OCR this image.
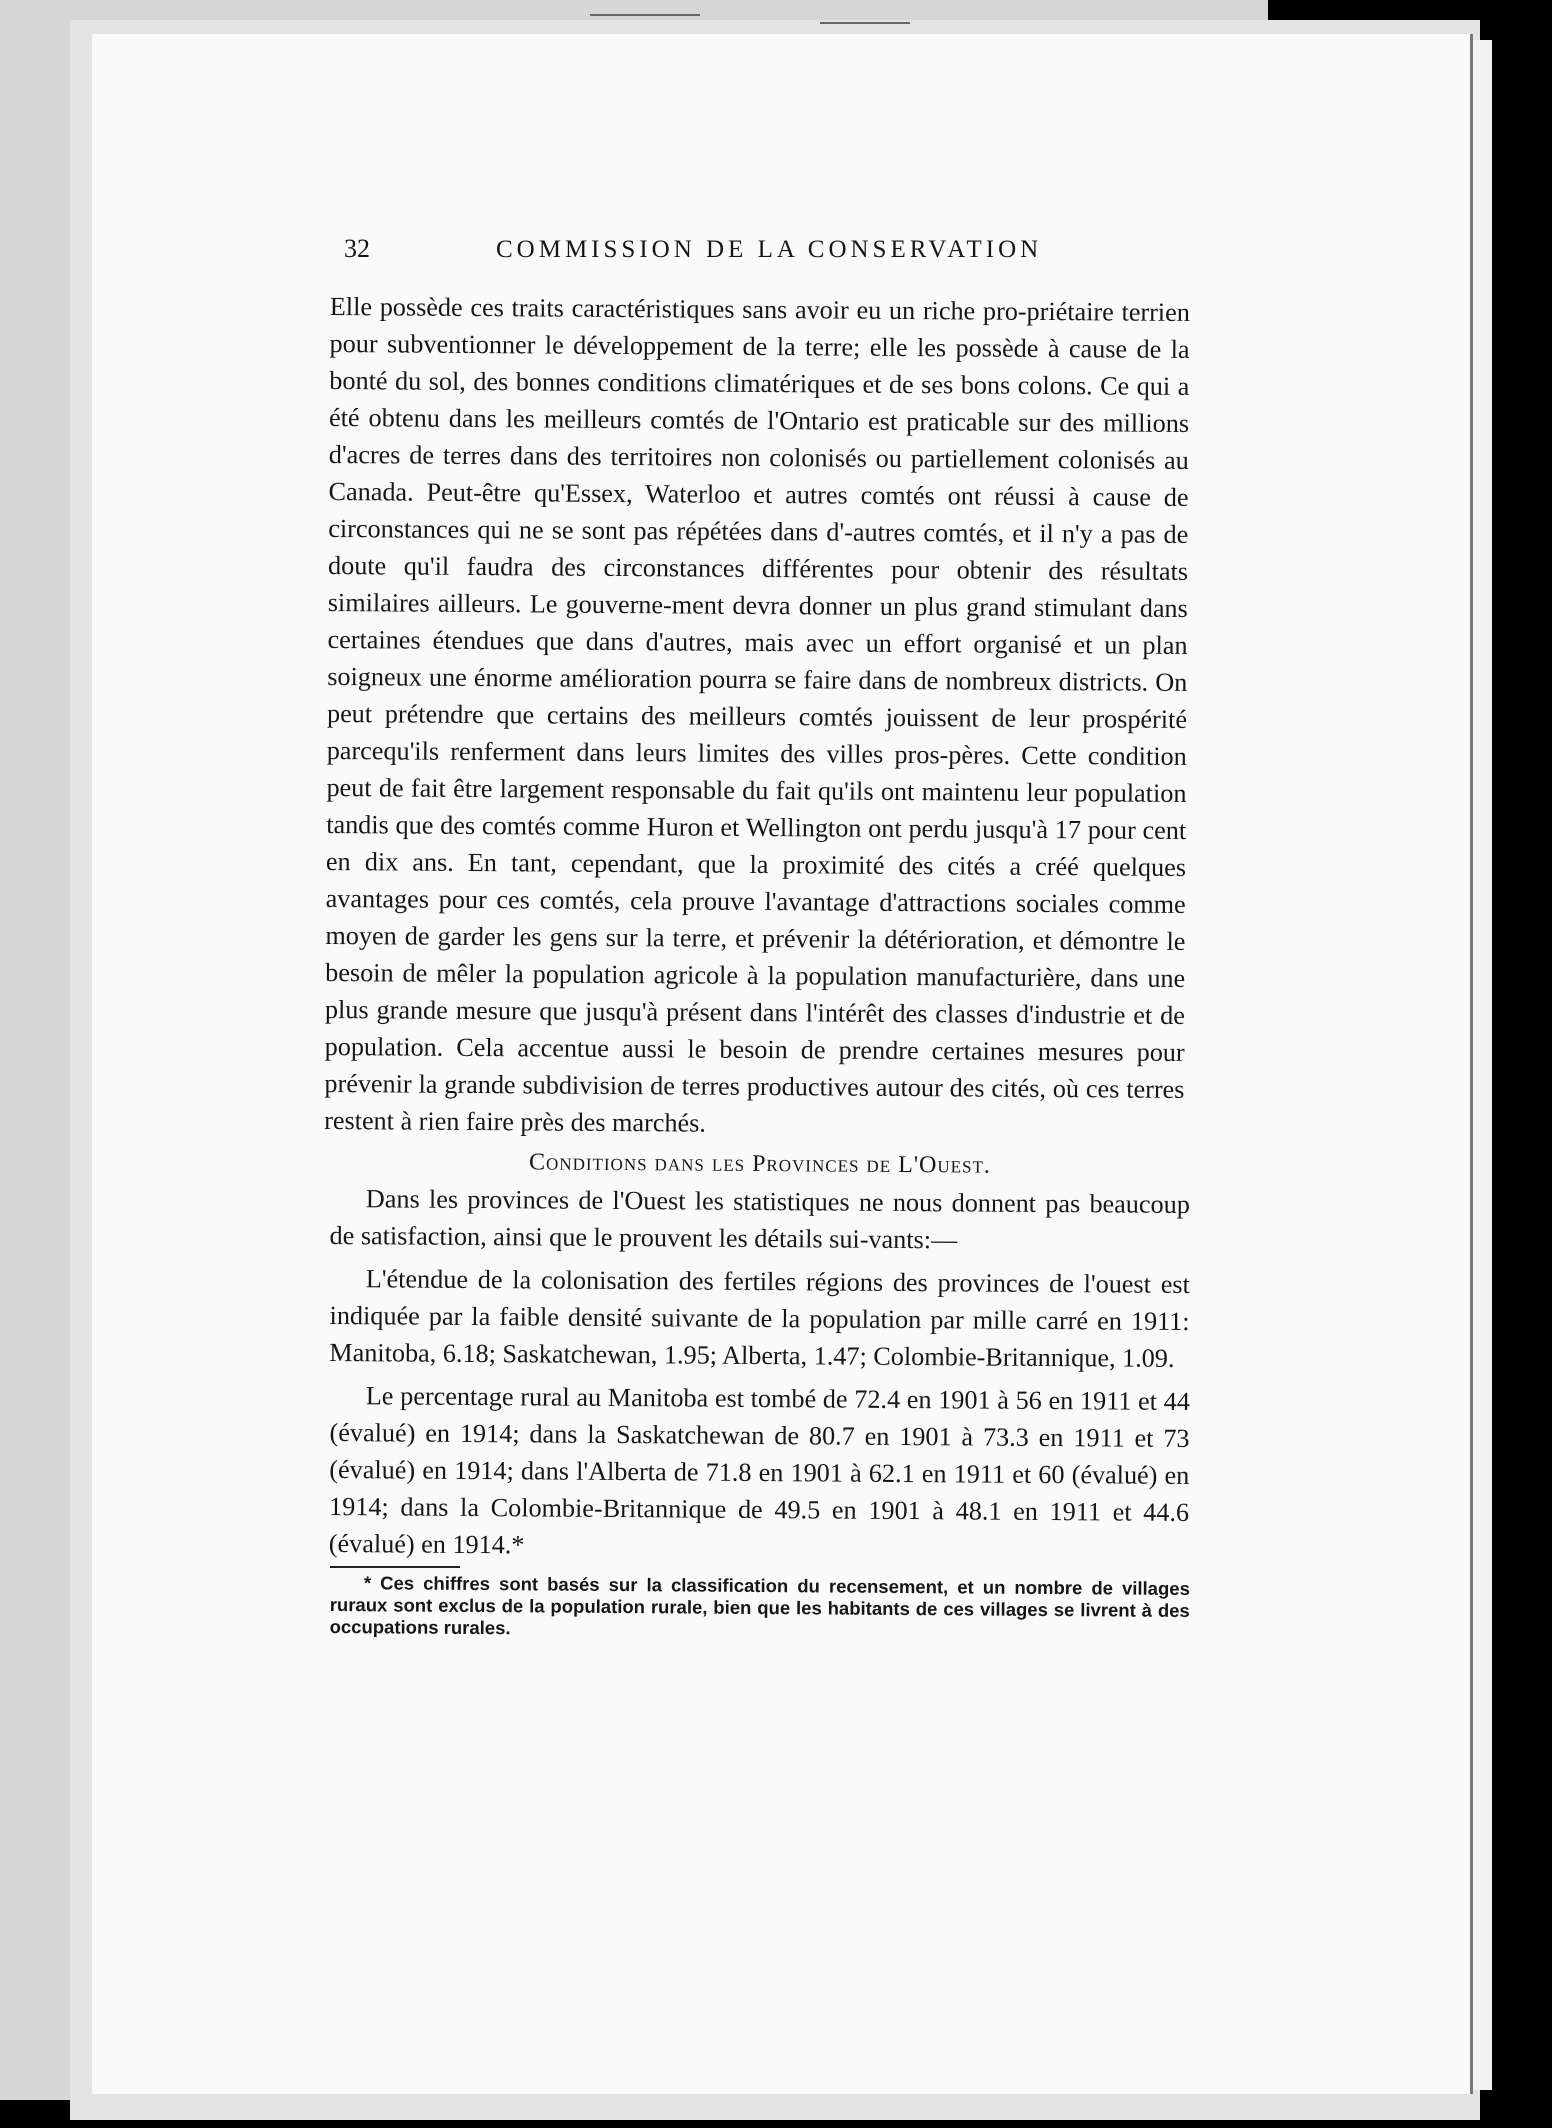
32	COMMISSION DE LA CONSERVATION

Elle possède ces traits caractéristiques sans avoir eu un riche pro-priétaire terrien pour subventionner le développement de la terre; elle les possède à cause de la bonté du sol, des bonnes conditions climatériques et de ses bons colons. Ce qui a été obtenu dans les meilleurs comtés de l'Ontario est praticable sur des millions d'acres de terres dans des territoires non colonisés ou partiellement colonisés au Canada. Peut-être qu'Essex, Waterloo et autres comtés ont réussi à cause de circonstances qui ne se sont pas répétées dans d'-autres comtés, et il n'y a pas de doute qu'il faudra des circonstances différentes pour obtenir des résultats similaires ailleurs. Le gouverne-ment devra donner un plus grand stimulant dans certaines étendues que dans d'autres, mais avec un effort organisé et un plan soigneux une énorme amélioration pourra se faire dans de nombreux districts. On peut prétendre que certains des meilleurs comtés jouissent de leur prospérité parcequ'ils renferment dans leurs limites des villes pros-pères. Cette condition peut de fait être largement responsable du fait qu'ils ont maintenu leur population tandis que des comtés comme Huron et Wellington ont perdu jusqu'à 17 pour cent en dix ans. En tant, cependant, que la proximité des cités a créé quelques avantages pour ces comtés, cela prouve l'avantage d'attractions sociales comme moyen de garder les gens sur la terre, et prévenir la détérioration, et démontre le besoin de mêler la population agricole à la population manufacturière, dans une plus grande mesure que jusqu'à présent dans l'intérêt des classes d'industrie et de population. Cela accentue aussi le besoin de prendre certaines mesures pour prévenir la grande subdivision de terres productives autour des cités, où ces terres restent à rien faire près des marchés.

Conditions dans les Provinces de L'Ouest.

Dans les provinces de l'Ouest les statistiques ne nous donnent pas beaucoup de satisfaction, ainsi que le prouvent les détails sui-vants:—

L'étendue de la colonisation des fertiles régions des provinces de l'ouest est indiquée par la faible densité suivante de la population par mille carré en 1911: Manitoba, 6.18; Saskatchewan, 1.95; Alberta, 1.47; Colombie-Britannique, 1.09.

Le percentage rural au Manitoba est tombé de 72.4 en 1901 à 56 en 1911 et 44 (évalué) en 1914; dans la Saskatchewan de 80.7 en 1901 à 73.3 en 1911 et 73 (évalué) en 1914; dans l'Alberta de 71.8 en 1901 à 62.1 en 1911 et 60 (évalué) en 1914; dans la Colombie-Britannique de 49.5 en 1901 à 48.1 en 1911 et 44.6 (évalué) en 1914.*

* Ces chiffres sont basés sur la classification du recensement, et un nombre de villages ruraux sont exclus de la population rurale, bien que les habitants de ces villages se livrent à des occupations rurales.
